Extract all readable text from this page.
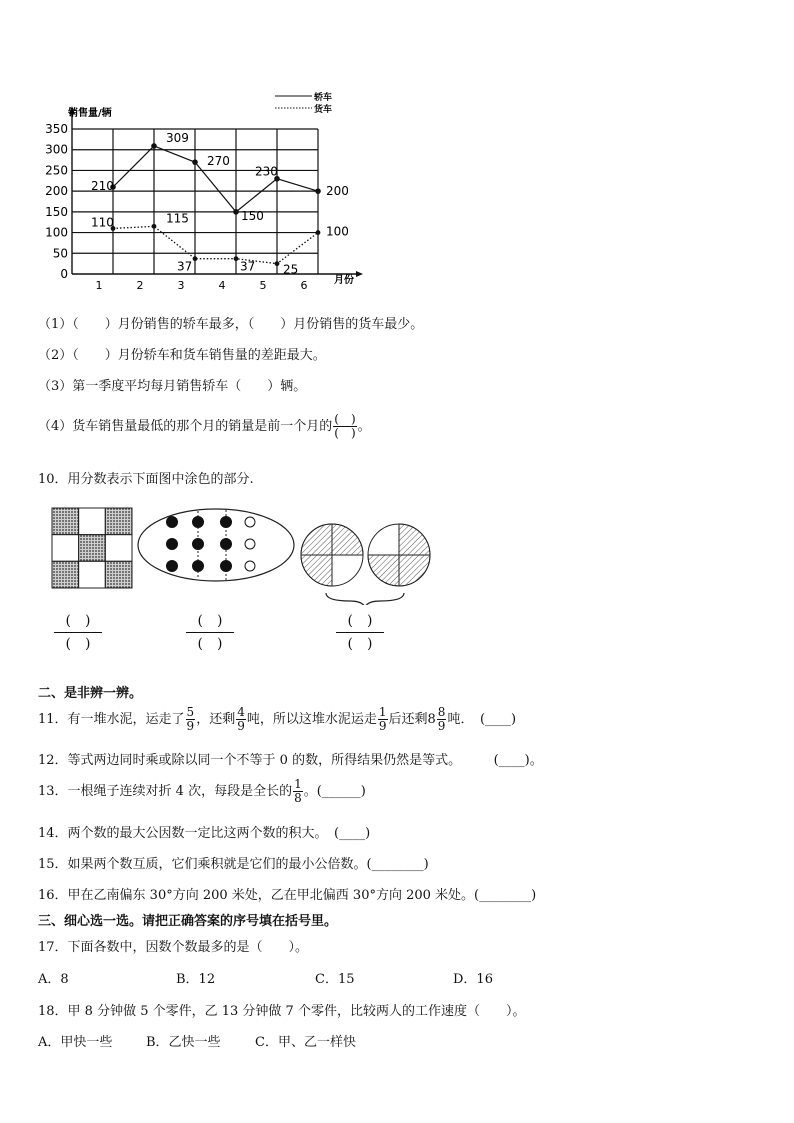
0
50
100
150
200
250
300
350
1	2	3	4	5	6
210
309
270
150
230
200
110	115
37	37 25
100
销售量/辆
月份
轿车
货车
（1）（　　）月份销售的轿车最多，（　　）月份销售的货车最少。
（2）（　　）月份轿车和货车销售量的差距最大。
（3）第一季度平均每月销售轿车（　　）辆。
（4）货车销售量最低的那个月的销量是前一个月的 $\frac{( )}{( )}$ 。
10．用分数表示下面图中涂色的部分.
(　)
(　)
(　)
(　)
(　)
(　)
二、是非辨一辨。
11．有一堆水泥，运走了 $\frac{5}{9}$ ，还剩 $\frac{4}{9}$ 吨，所以这堆水泥运走 $\frac{1}{9}$ 后还剩$8 \frac{8}{9}$ 吨．　(____)
12．等式两边同时乘或除以同一个不等于 0 的数，所得结果仍然是等式。　　　(____)。
13．一根绳子连续对折 4 次，每段是全长的 $\frac{1}{8}$ 。(______)
14．两个数的最大公因数一定比这两个数的积大。　(____)
15．如果两个数互质，它们乘积就是它们的最小公倍数。(________)
16．甲在乙南偏东 30°方向 200 米处，乙在甲北偏西 30°方向 200 米处。(________)
三、细心选一选。请把正确答案的序号填在括号里。
17．下面各数中，因数个数最多的是（　　）。
A．8	B．12	C．15	D．16
18．甲 8 分钟做 5 个零件，乙 13 分钟做 7 个零件，比较两人的工作速度（　　）。
A．甲快一些	B．乙快一些	C．甲、乙一样快
